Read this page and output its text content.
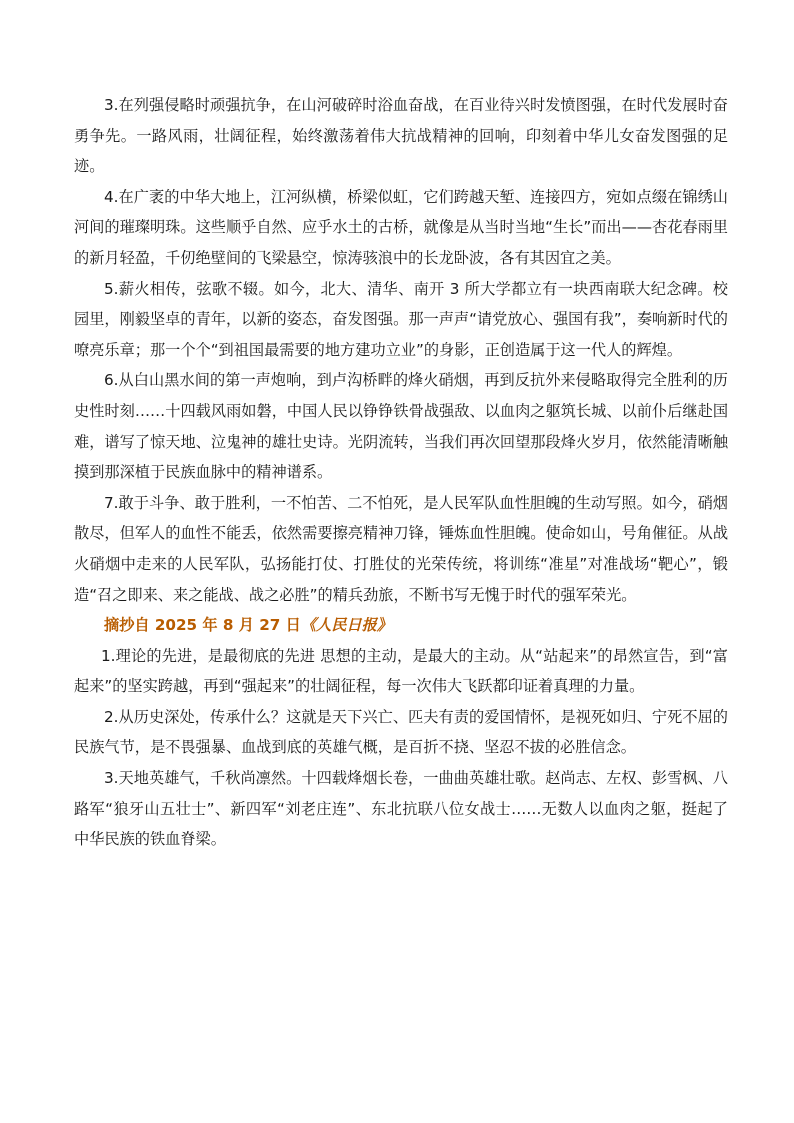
3.在列强侵略时顽强抗争，在山河破碎时浴血奋战，在百业待兴时发愤图强，在时代发展时奋勇争先。一路风雨，壮阔征程，始终激荡着伟大抗战精神的回响，印刻着中华儿女奋发图强的足迹。

4.在广袤的中华大地上，江河纵横，桥梁似虹，它们跨越天堑、连接四方，宛如点缀在锦绣山河间的璀璨明珠。这些顺乎自然、应乎水土的古桥，就像是从当时当地“生长”而出——杏花春雨里的新月轻盈，千仞绝壁间的飞梁悬空，惊涛骇浪中的长龙卧波，各有其因宜之美。

5.薪火相传，弦歌不辍。如今，北大、清华、南开 3 所大学都立有一块西南联大纪念碑。校园里，刚毅坚卓的青年，以新的姿态，奋发图强。那一声声“请党放心、强国有我”，奏响新时代的嘹亮乐章；那一个个“到祖国最需要的地方建功立业”的身影，正创造属于这一代人的辉煌。

6.从白山黑水间的第一声炮响，到卢沟桥畔的烽火硝烟，再到反抗外来侵略取得完全胜利的历史性时刻……十四载风雨如磐，中国人民以铮铮铁骨战强敌、以血肉之躯筑长城、以前仆后继赴国难，谱写了惊天地、泣鬼神的雄壮史诗。光阴流转，当我们再次回望那段烽火岁月，依然能清晰触摸到那深植于民族血脉中的精神谱系。

7.敢于斗争、敢于胜利，一不怕苦、二不怕死，是人民军队血性胆魄的生动写照。如今，硝烟散尽，但军人的血性不能丢，依然需要擦亮精神刀锋，锤炼血性胆魄。使命如山，号角催征。从战火硝烟中走来的人民军队，弘扬能打仗、打胜仗的光荣传统，将训练“准星”对准战场“靶心”，锻造“召之即来、来之能战、战之必胜”的精兵劲旅，不断书写无愧于时代的强军荣光。

摘抄自 2025 年 8 月 27 日《人民日报》

1.理论的先进，是最彻底的先进 思想的主动，是最大的主动。从“站起来”的昂然宣告，到“富起来”的坚实跨越，再到“强起来”的壮阔征程，每一次伟大飞跃都印证着真理的力量。

2.从历史深处，传承什么？这就是天下兴亡、匹夫有责的爱国情怀，是视死如归、宁死不屈的民族气节，是不畏强暴、血战到底的英雄气概，是百折不挠、坚忍不拔的必胜信念。

3.天地英雄气，千秋尚凛然。十四载烽烟长卷，一曲曲英雄壮歌。赵尚志、左权、彭雪枫、八路军“狼牙山五壮士”、新四军“刘老庄连”、东北抗联八位女战士……无数人以血肉之躯，挺起了中华民族的铁血脊梁。
